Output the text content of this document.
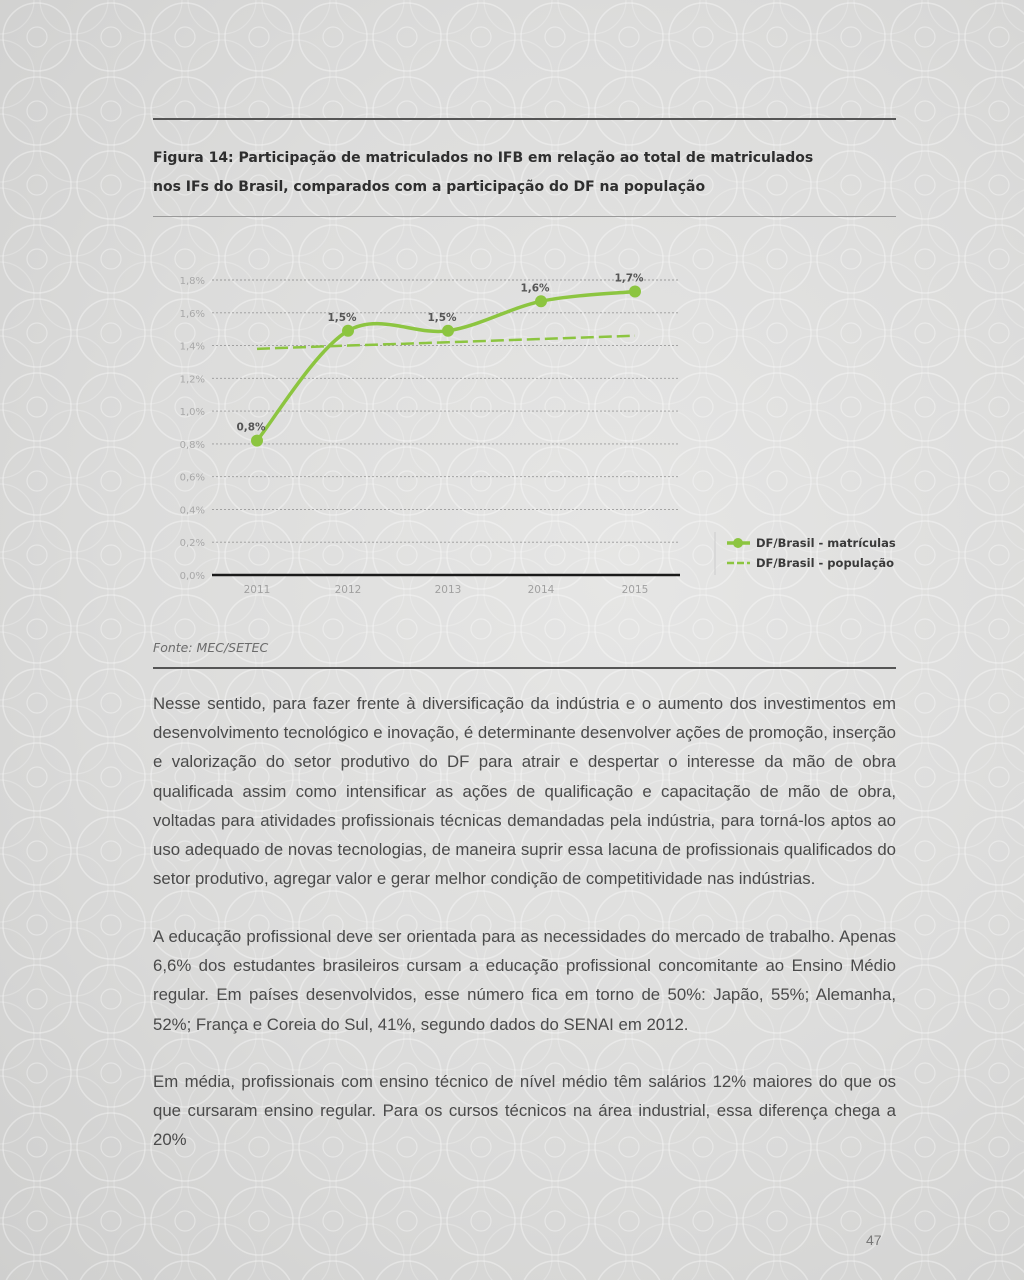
Figura 14: Participação de matriculados no IFB em relação ao total de matriculados
nos IFs do Brasil, comparados com a participação do DF na população
0,0%
0,2%
0,4%
0,6%
0,8%
1,0%
1,2%
1,4%
1,6%
1,8%
2011	2012	2013	2014	2015
0,8%
1,5%	1,5%
1,6%
1,7%
DF/Brasil - matrículas
DF/Brasil - população
Fonte: MEC/SETEC

Nesse sentido, para fazer frente à diversificação da indústria e o aumento dos investimentos em desenvolvimento tecnológico e inovação, é determinante desenvolver ações de promoção, inserção e valorização do setor produtivo do DF para atrair e despertar o interesse da mão de obra qualificada assim como intensificar as ações de qualificação e capacitação de mão de obra, voltadas para atividades profissionais técnicas demandadas pela indústria, para torná-los aptos ao uso adequado de novas tecnologias, de maneira suprir essa lacuna de profissionais qualificados do setor produtivo, agregar valor e gerar melhor condição de competitividade nas indústrias.

A educação profissional deve ser orientada para as necessidades do mercado de trabalho. Apenas 6,6% dos estudantes brasileiros cursam a educação profissional concomitante ao Ensino Médio regular. Em países desenvolvidos, esse número fica em torno de 50%: Japão, 55%; Alemanha, 52%; França e Coreia do Sul, 41%, segundo dados do SENAI em 2012.

Em média, profissionais com ensino técnico de nível médio têm salários 12% maiores do que os que cursaram ensino regular. Para os cursos técnicos na área industrial, essa diferença chega a 20%

47
